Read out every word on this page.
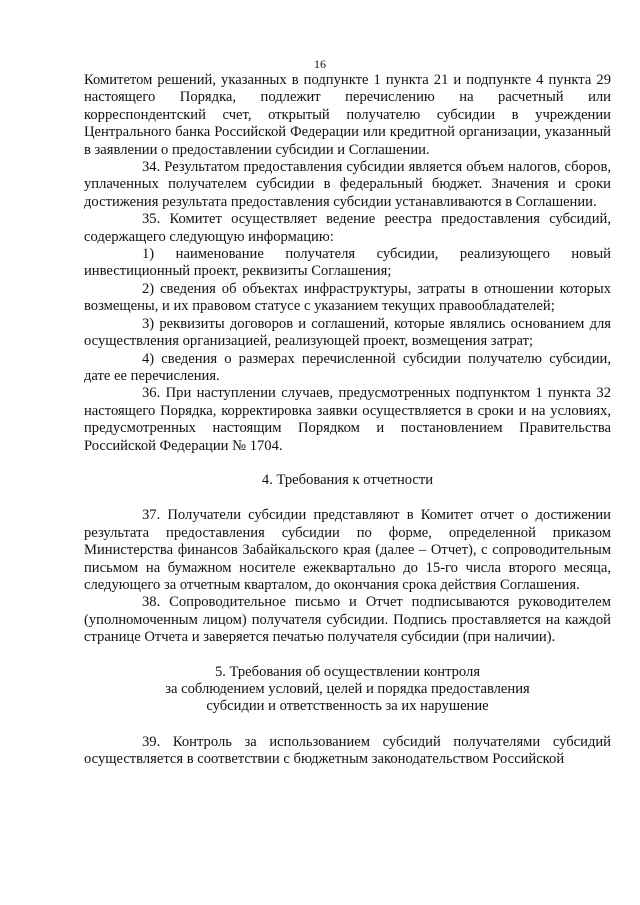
16

Комитетом решений, указанных в подпункте 1 пункта 21 и подпункте 4 пункта 29 настоящего Порядка, подлежит перечислению на расчетный или корреспондентский счет, открытый получателю субсидии в учреждении Центрального банка Российской Федерации или кредитной организации, указанный в заявлении о предоставлении субсидии и Соглашении.

34. Результатом предоставления субсидии является объем налогов, сборов, уплаченных получателем субсидии в федеральный бюджет. Значения и сроки достижения результата предоставления субсидии устанавливаются в Соглашении.

35. Комитет осуществляет ведение реестра предоставления субсидий, содержащего следующую информацию:

1) наименование получателя субсидии, реализующего новый инвестиционный проект, реквизиты Соглашения;

2) сведения об объектах инфраструктуры, затраты в отношении которых возмещены, и их правовом статусе с указанием текущих правообладателей;

3) реквизиты договоров и соглашений, которые являлись основанием для осуществления организацией, реализующей проект, возмещения затрат;

4) сведения о размерах перечисленной субсидии получателю субсидии, дате ее перечисления.

36. При наступлении случаев, предусмотренных подпунктом 1 пункта 32 настоящего Порядка, корректировка заявки осуществляется в сроки и на условиях, предусмотренных настоящим Порядком и постановлением Правительства Российской Федерации № 1704.

4. Требования к отчетности

37. Получатели субсидии представляют в Комитет отчет о достижении результата предоставления субсидии по форме, определенной приказом Министерства финансов Забайкальского края (далее – Отчет), с сопроводительным письмом на бумажном носителе ежеквартально до 15-го числа второго месяца, следующего за отчетным кварталом, до окончания срока действия Соглашения.

38. Сопроводительное письмо и Отчет подписываются руководителем (уполномоченным лицом) получателя субсидии. Подпись проставляется на каждой странице Отчета и заверяется печатью получателя субсидии (при наличии).

5. Требования об осуществлении контроля

за соблюдением условий, целей и порядка предоставления

субсидии и ответственность за их нарушение

39. Контроль за использованием субсидий получателями субсидий осуществляется в соответствии с бюджетным законодательством Российской
